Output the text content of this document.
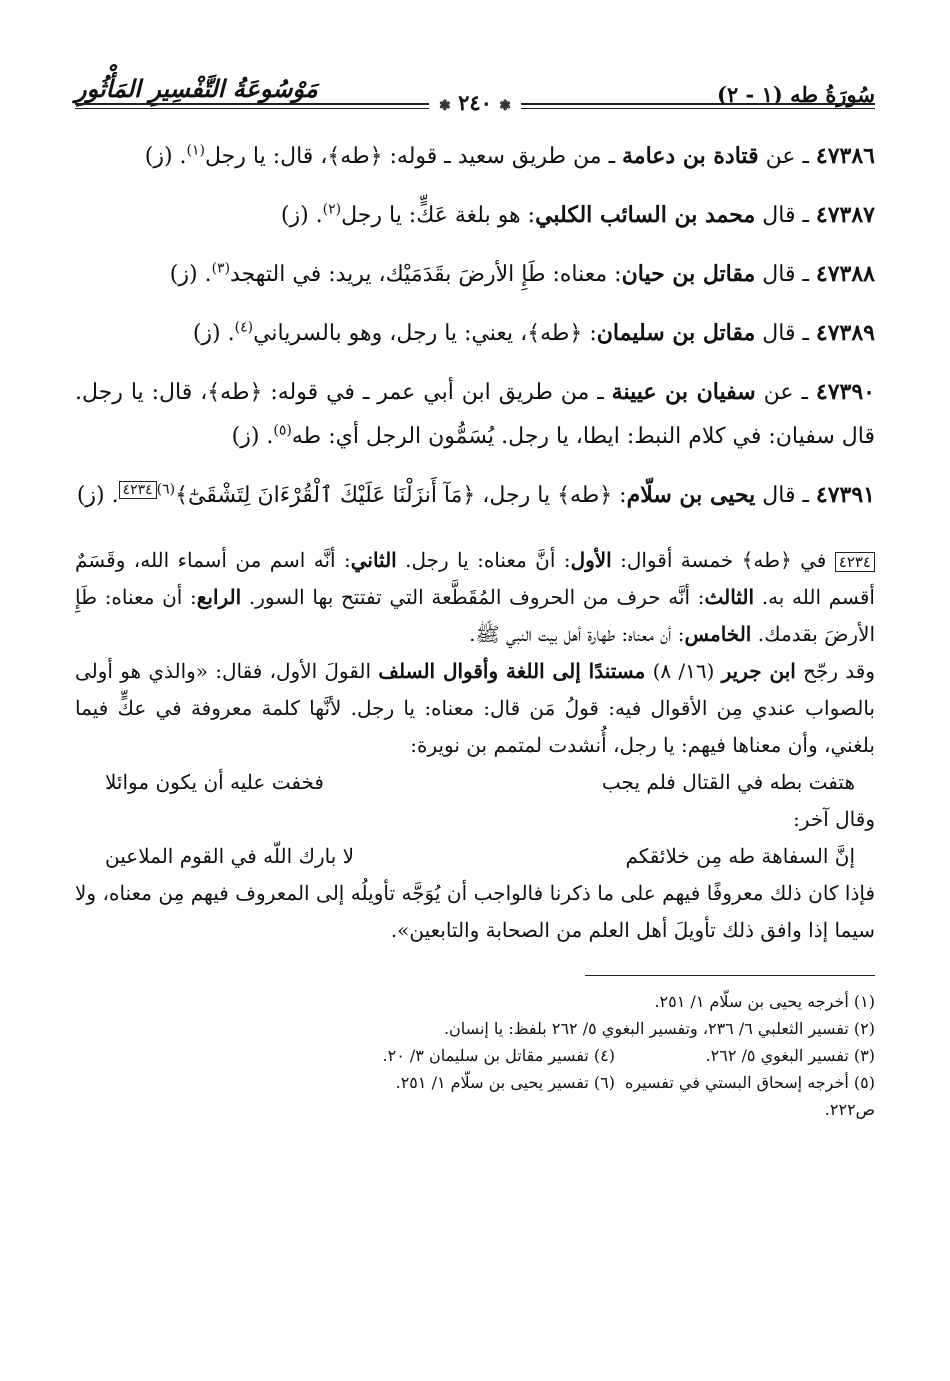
سُورَةُ طه (١ - ٢)
مَوْسُوعَةُ التَّفْسِيرِ المَأْثُورِ
❃ ٢٤٠ ❃
٤٧٣٨٦ ـ عن قتادة بن دعامة ـ من طريق سعيد ـ قوله: ﴿طه﴾، قال: يا رجل$^{(١)}$. (ز)
٤٧٣٨٧ ـ قال محمد بن السائب الكلبي: هو بلغة عَكٍّ: يا رجل$^{(٢)}$. (ز)
٤٧٣٨٨ ـ قال مقاتل بن حيان: معناه: طَإِ الأرضَ بقَدَمَيْك، يريد: في التهجد$^{(٣)}$. (ز)
٤٧٣٨٩ ـ قال مقاتل بن سليمان: ﴿طه﴾، يعني: يا رجل، وهو بالسرياني$^{(٤)}$. (ز)
٤٧٣٩٠ ـ عن سفيان بن عيينة ـ من طريق ابن أبي عمر ـ في قوله: ﴿طه﴾، قال: يا رجل. قال سفيان: في كلام النبط: ايطا، يا رجل. يُسَمُّون الرجل أي: طه$^{(٥)}$. (ز)
٤٧٣٩١ ـ قال يحيى بن سلّام: ﴿طه﴾ يا رجل، ﴿مَآ أَنزَلْنَا عَلَيْكَ ٱلْقُرْءَانَ لِتَشْقَىٰٓ﴾$^{(٦)}$٤٢٣٤. (ز)
٤٢٣٤ في ﴿طه﴾ خمسة أقوال: الأول: أنَّ معناه: يا رجل. الثاني: أنَّه اسم من أسماء الله، وقَسَمٌ أقسم الله به. الثالث: أنَّه حرف من الحروف المُقَطَّعة التي تفتتح بها السور. الرابع: أن معناه: طَإِ الأرضَ بقدمك. الخامس: أن معناه: طهارة أهل بيت النبي ﷺ.
وقد رجّح ابن جرير (١٦/ ٨) مستندًا إلى اللغة وأقوال السلف القولَ الأول، فقال: «والذي هو أولى بالصواب عندي مِن الأقوال فيه: قولُ مَن قال: معناه: يا رجل. لأنَّها كلمة معروفة في عكٍّ فيما بلغني، وأن معناها فيهم: يا رجل، أُنشدت لمتمم بن نويرة:
هتفت بطه في القتال فلم يجب
فخفت عليه أن يكون موائلا
وقال آخر:
إنَّ السفاهة طه مِن خلائقكم
لا بارك اللّه في القوم الملاعين
فإذا كان ذلك معروفًا فيهم على ما ذكرنا فالواجب أن يُوَجَّه تأويلُه إلى المعروف فيهم مِن معناه، ولا سيما إذا وافق ذلك تأويلَ أهل العلم من الصحابة والتابعين».
(١) أخرجه يحيى بن سلّام ١/ ٢٥١.
(٢) تفسير الثعلبي ٦/ ٢٣٦، وتفسير البغوي ٥/ ٢٦٢ بلفظ: يا إنسان.
(٣) تفسير البغوي ٥/ ٢٦٢.
(٤) تفسير مقاتل بن سليمان ٣/ ٢٠.
(٥) أخرجه إسحاق البستي في تفسيره ص٢٢٢.
(٦) تفسير يحيى بن سلّام ١/ ٢٥١.
